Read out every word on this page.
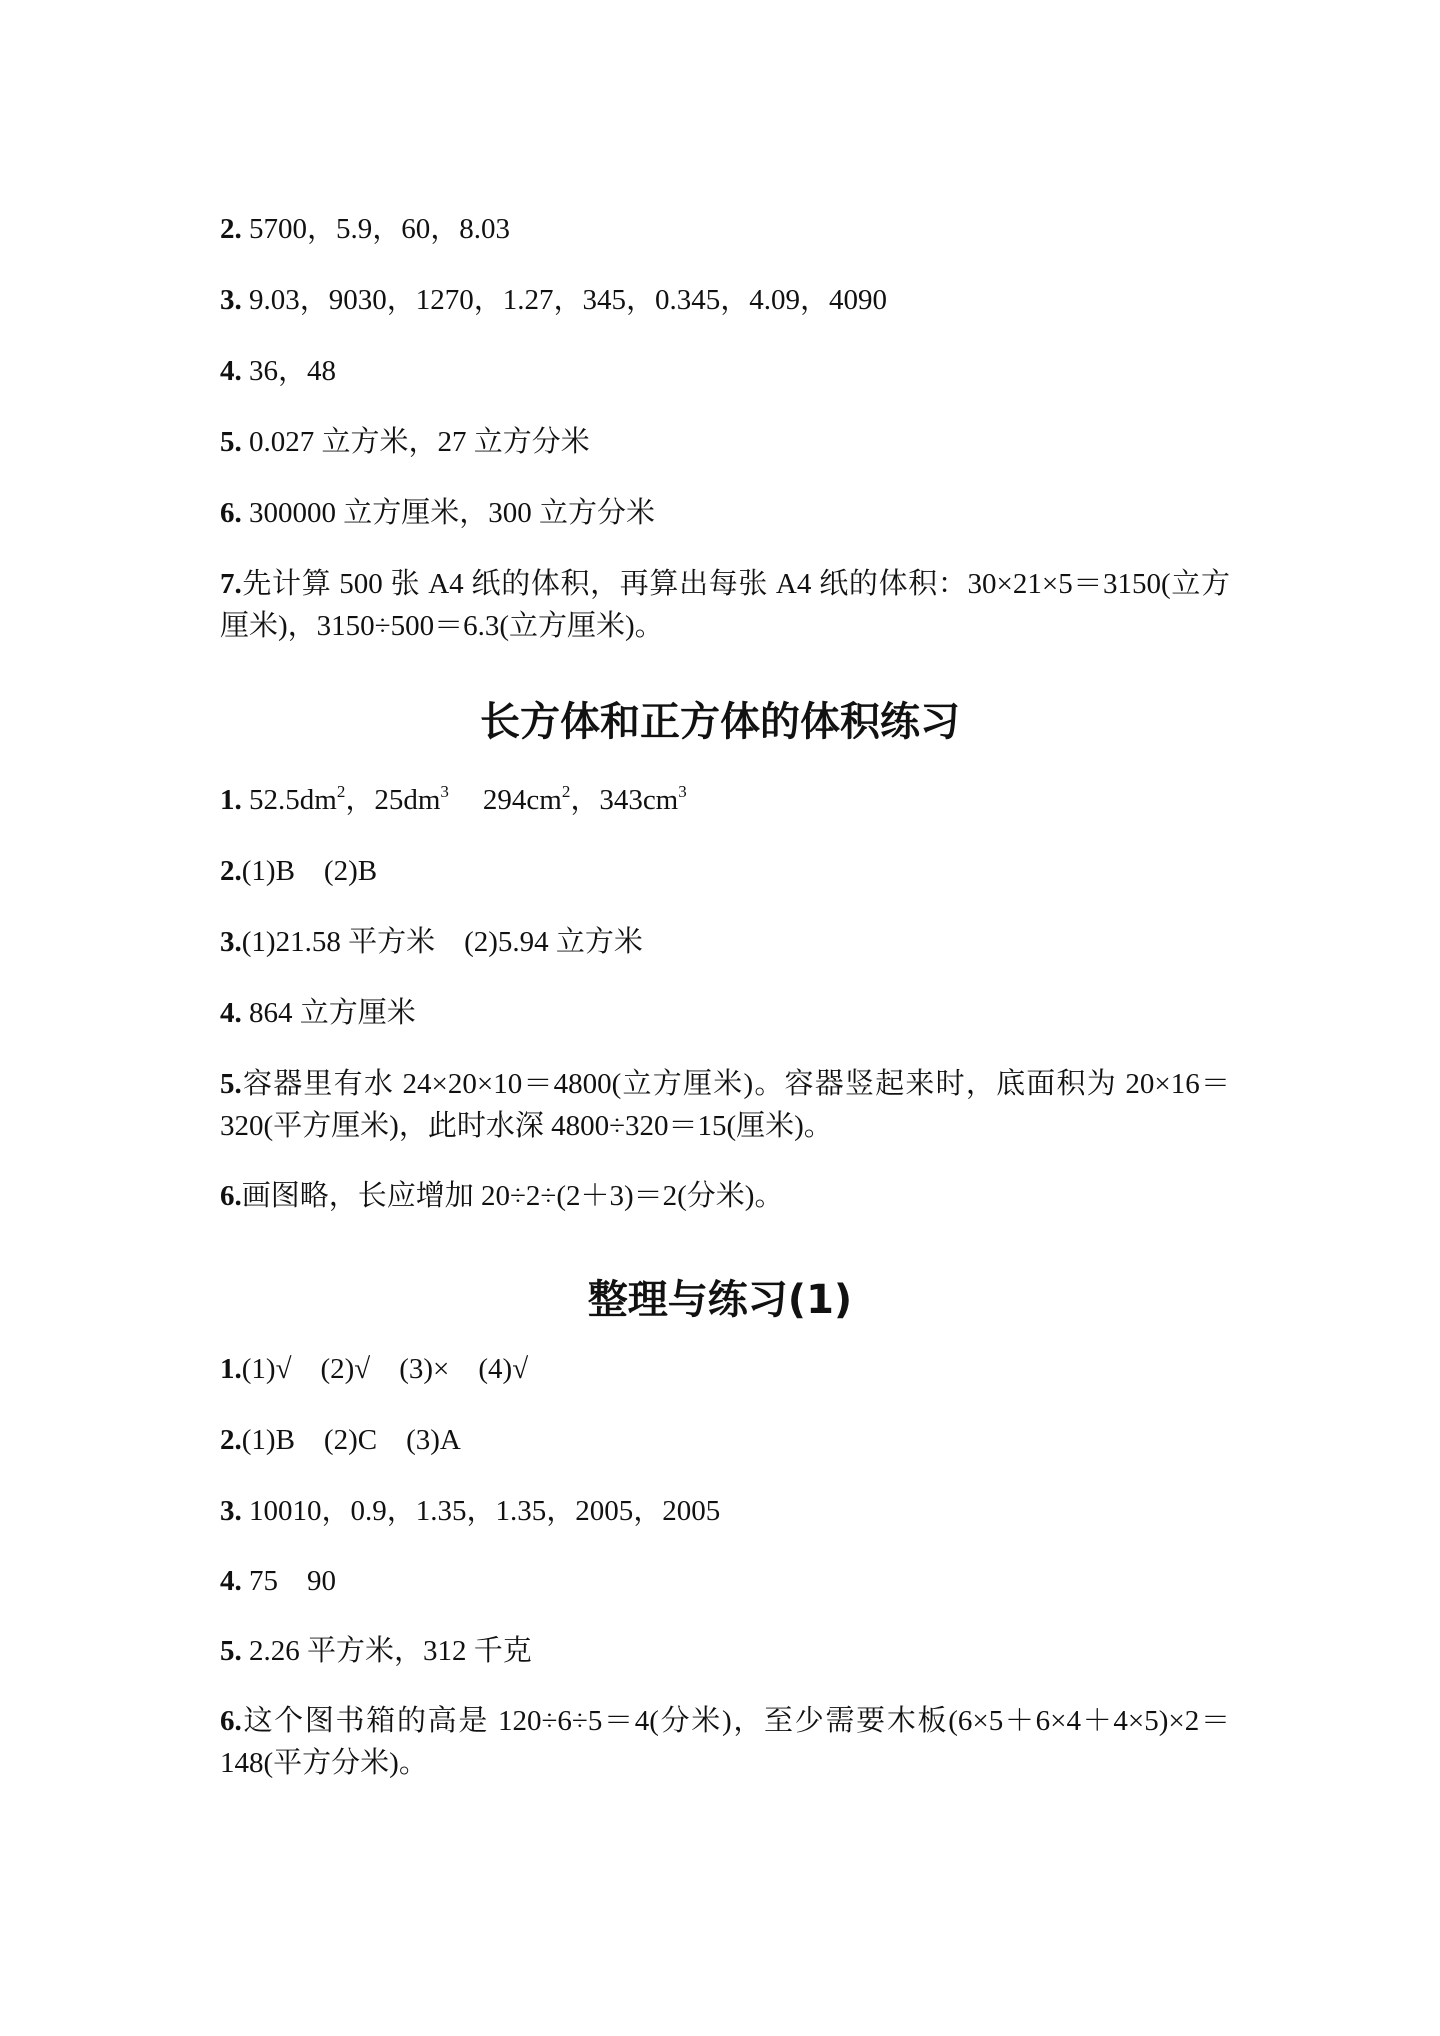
2. 5700，5.9，60，8.03
3. 9.03，9030，1270，1.27，345，0.345，4.09，4090
4. 36，48
5. 0.027 立方米，27 立方分米
6. 300000 立方厘米，300 立方分米
7.先计算 500 张 A4 纸的体积，再算出每张 A4 纸的体积：30×21×5＝3150(立方厘米)，3150÷500＝6.3(立方厘米)。
长方体和正方体的体积练习
1. $52.5dm^2$，$25dm^3$ $294cm^2$，$343cm^3$
2.(1)B　(2)B
3.(1)21.58 平方米　(2)5.94 立方米
4. 864 立方厘米
5.容器里有水 24×20×10＝4800(立方厘米)。容器竖起来时，底面积为 20×16＝320(平方厘米)，此时水深 4800÷320＝15(厘米)。
6.画图略，长应增加 20÷2÷(2＋3)＝2(分米)。
整理与练习(1)
1.(1)√　(2)√　(3)×　(4)√
2.(1)B　(2)C　(3)A
3. 10010，0.9，1.35，1.35，2005，2005
4. 75　90
5. 2.26 平方米，312 千克
6.这个图书箱的高是 120÷6÷5＝4(分米)，至少需要木板(6×5＋6×4＋4×5)×2＝148(平方分米)。
